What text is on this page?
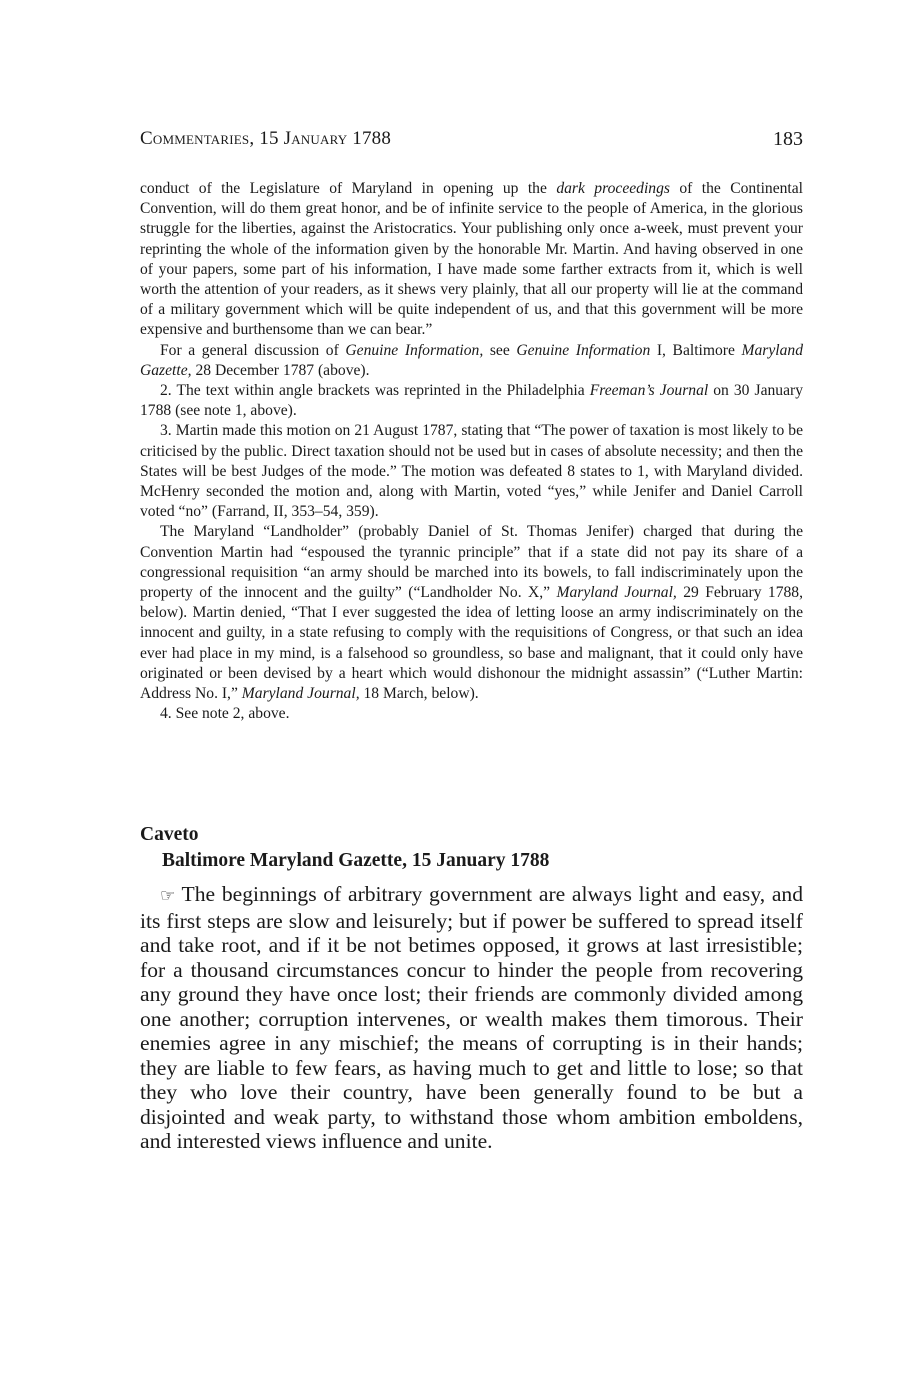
Commentaries, 15 January 1788	183

conduct of the Legislature of Maryland in opening up the dark proceedings of the Continental Convention, will do them great honor, and be of infinite service to the people of America, in the glorious struggle for the liberties, against the Aristocratics. Your publishing only once a-week, must prevent your reprinting the whole of the information given by the honorable Mr. Martin. And having observed in one of your papers, some part of his information, I have made some farther extracts from it, which is well worth the attention of your readers, as it shews very plainly, that all our property will lie at the command of a military government which will be quite independent of us, and that this government will be more expensive and burthensome than we can bear.”

For a general discussion of Genuine Information, see Genuine Information I, Baltimore Maryland Gazette, 28 December 1787 (above).

2. The text within angle brackets was reprinted in the Philadelphia Freeman’s Journal on 30 January 1788 (see note 1, above).

3. Martin made this motion on 21 August 1787, stating that “The power of taxation is most likely to be criticised by the public. Direct taxation should not be used but in cases of absolute necessity; and then the States will be best Judges of the mode.” The motion was defeated 8 states to 1, with Maryland divided. McHenry seconded the motion and, along with Martin, voted “yes,” while Jenifer and Daniel Carroll voted “no” (Farrand, II, 353–54, 359).

The Maryland “Landholder” (probably Daniel of St. Thomas Jenifer) charged that during the Convention Martin had “espoused the tyrannic principle” that if a state did not pay its share of a congressional requisition “an army should be marched into its bowels, to fall indiscriminately upon the property of the innocent and the guilty” (“Landholder No. X,” Maryland Journal, 29 February 1788, below). Martin denied, “That I ever suggested the idea of letting loose an army indiscriminately on the innocent and guilty, in a state refusing to comply with the requisitions of Congress, or that such an idea ever had place in my mind, is a falsehood so groundless, so base and malignant, that it could only have originated or been devised by a heart which would dishonour the midnight assassin” (“Luther Martin: Address No. I,” Maryland Journal, 18 March, below).

4. See note 2, above.

Caveto
Baltimore Maryland Gazette, 15 January 1788

☞ The beginnings of arbitrary government are always light and easy, and its first steps are slow and leisurely; but if power be suffered to spread itself and take root, and if it be not betimes opposed, it grows at last irresistible; for a thousand circumstances concur to hinder the people from recovering any ground they have once lost; their friends are commonly divided among one another; corruption intervenes, or wealth makes them timorous. Their enemies agree in any mischief; the means of corrupting is in their hands; they are liable to few fears, as having much to get and little to lose; so that they who love their country, have been generally found to be but a disjointed and weak party, to withstand those whom ambition emboldens, and interested views influence and unite.
